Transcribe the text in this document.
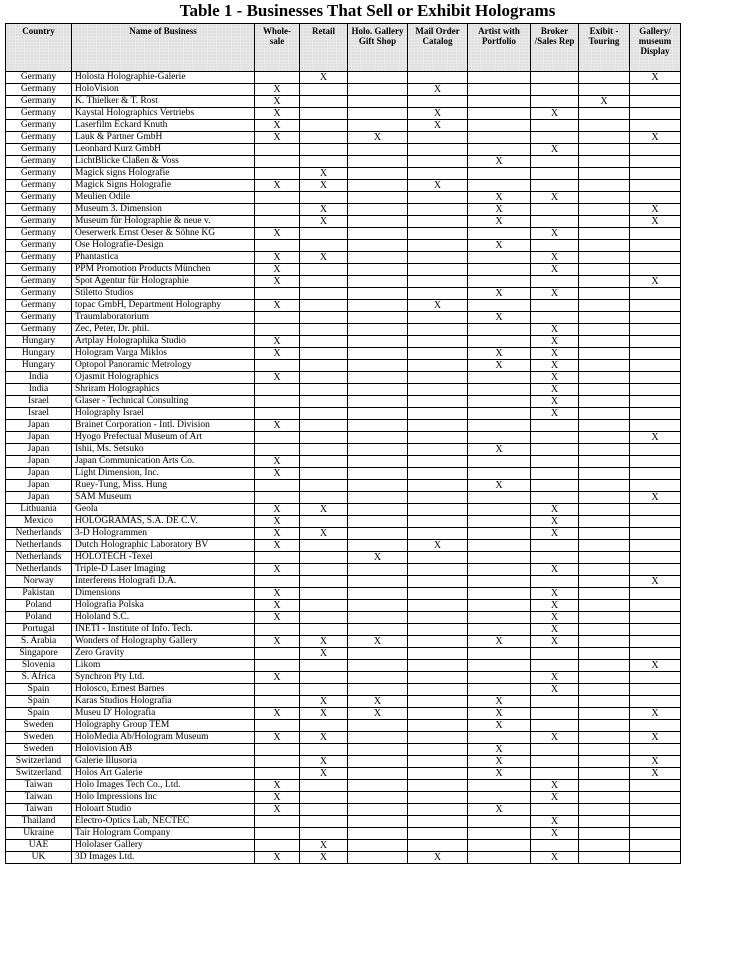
Table 1 - Businesses That Sell or Exhibit Holograms
Country	Name of Business	Whole-sale	Retail	Holo. Gallery Gift Shop	Mail Order Catalog	Artist with Portfolio	Broker /Sales Rep	Exibit - Touring	Gallery/ museum Display
Germany	Holosta Holographie-Galerie		X						X
Germany	HoloVision	X			X				
Germany	K. Thielker & T. Rost	X						X	
Germany	Kaystal Holographics Vertriebs	X			X		X		
Germany	Laserfilm Eckard Knuth	X			X				
Germany	Lauk & Partner GmbH	X		X					X
Germany	Leonhard Kurz GmbH						X		
Germany	LichtBlicke Claßen & Voss					X			
Germany	Magick signs Holografie		X						
Germany	Magick Signs Holografie	X	X		X				
Germany	Meulien Odile					X	X		
Germany	Museum 3. Dimension		X			X			X
Germany	Museum für Holographie & neue v.		X			X			X
Germany	Oeserwerk Ernst Oeser & Söhne KG	X					X		
Germany	Ose Holografie-Design					X			
Germany	Phantastica	X	X				X		
Germany	PPM Promotion Products München	X					X		
Germany	Spot Agentur für Holographie	X							X
Germany	Stiletto Studios					X	X		
Germany	topac GmbH, Department Holography	X			X				
Germany	Traumlaboratorium					X			
Germany	Zec, Peter, Dr. phil.						X		
Hungary	Artplay Holographika Studio	X					X		
Hungary	Hologram Varga Miklos	X				X	X		
Hungary	Optopol Panoramic Metrology					X	X		
India	Ojasmit Holographics	X					X		
India	Shriram Holographics						X		
Israel	Glaser - Technical Consulting						X		
Israel	Holography Israel						X		
Japan	Brainet Corporation - Intl. Division	X							
Japan	Hyogo Prefectual Museum of Art								X
Japan	Ishii, Ms. Setsuko					X			
Japan	Japan Communication Arts Co.	X							
Japan	Light Dimension, Inc.	X							
Japan	Ruey-Tung, Miss. Hung					X			
Japan	SAM Museum								X
Lithuania	Geola	X	X				X		
Mexico	HOLOGRAMAS, S.A. DE C.V.	X					X		
Netherlands	3-D Hologrammen	X	X				X		
Netherlands	Dutch Holographic Laboratory BV	X			X				
Netherlands	HOLOTECH -Texel			X					
Netherlands	Triple-D Laser Imaging	X					X		
Norway	Interferens Holografi D.A.								X
Pakistan	Dimensions	X					X		
Poland	Holografia Polska	X					X		
Poland	Hololand S.C.	X					X		
Portugal	INETI - Institute of Info. Tech.						X		
S. Arabia	Wonders of Holography Gallery	X	X	X		X	X		
Singapore	Zero Gravity		X						
Slovenia	Likom								X
S. Africa	Synchron Pty Ltd.	X					X		
Spain	Holosco, Ernest Barnes						X		
Spain	Karas Studios Holografia		X	X		X			
Spain	Museu D' Holografia	X	X	X		X			X
Sweden	Holography Group TEM					X			
Sweden	HoloMedia Ab/Hologram Museum	X	X				X		X
Sweden	Holovision AB					X			
Switzerland	Galerie Illusoria		X			X			X
Switzerland	Holos Art Galerie		X			X			X
Taiwan	Holo Images Tech Co., Ltd.	X					X		
Taiwan	Holo Impressions Inc	X					X		
Taiwan	Holoart Studio	X				X			
Thailand	Electro-Optics Lab, NECTEC						X		
Ukraine	Tair Hologram Company						X		
UAE	Hololaser Gallery		X						
UK	3D Images Ltd.	X	X		X		X		
